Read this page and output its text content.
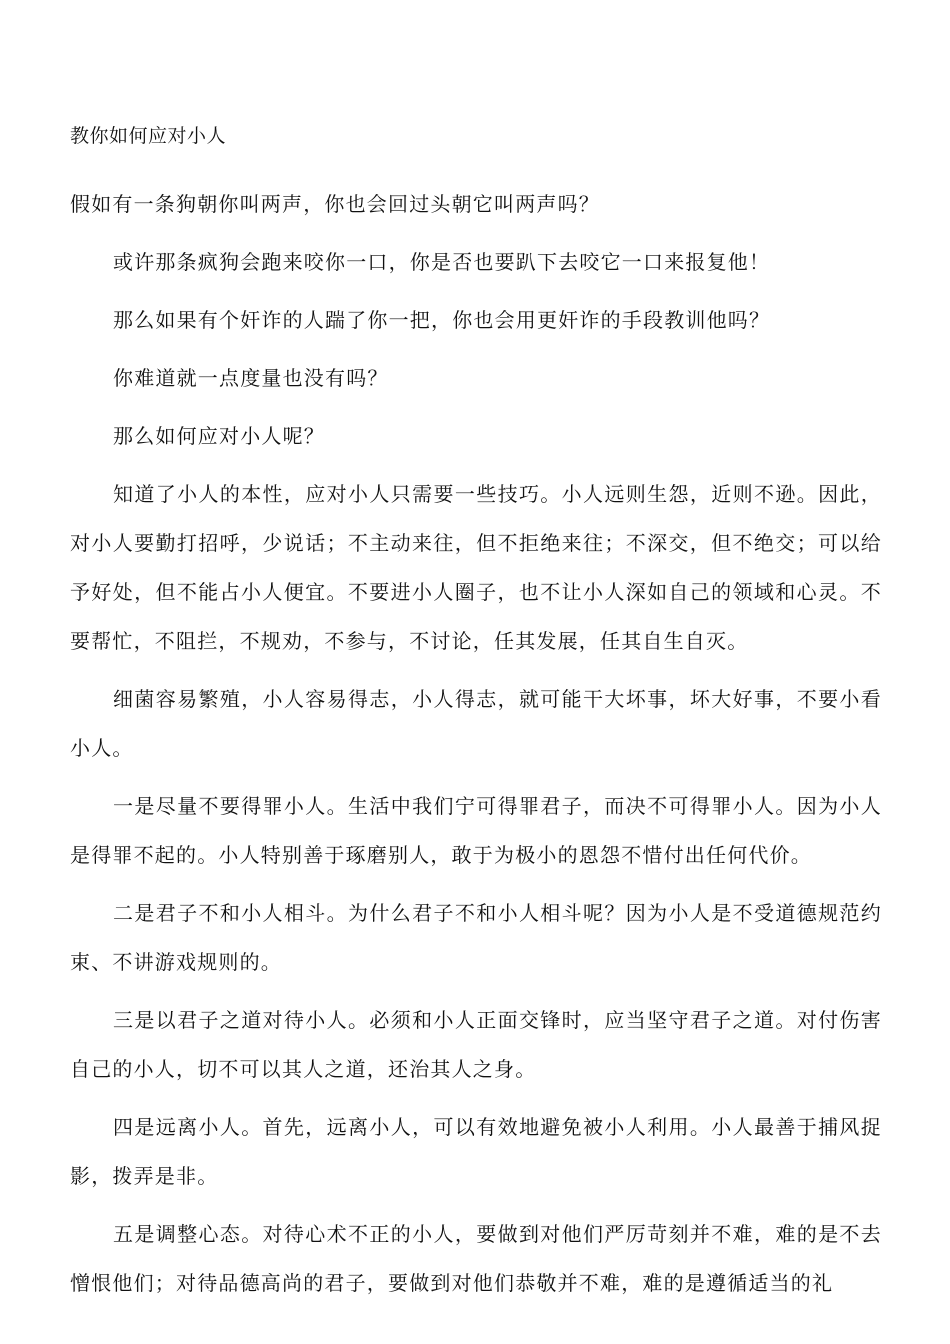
教你如何应对小人

假如有一条狗朝你叫两声，你也会回过头朝它叫两声吗？

或许那条疯狗会跑来咬你一口，你是否也要趴下去咬它一口来报复他！

那么如果有个奸诈的人踹了你一把，你也会用更奸诈的手段教训他吗？

你难道就一点度量也没有吗？

那么如何应对小人呢？

知道了小人的本性，应对小人只需要一些技巧。小人远则生怨，近则不逊。因此，对小人要勤打招呼，少说话；不主动来往，但不拒绝来往；不深交，但不绝交；可以给予好处，但不能占小人便宜。不要进小人圈子，也不让小人深如自己的领域和心灵。不要帮忙，不阻拦，不规劝，不参与，不讨论，任其发展，任其自生自灭。

细菌容易繁殖，小人容易得志，小人得志，就可能干大坏事，坏大好事，不要小看小人。

一是尽量不要得罪小人。生活中我们宁可得罪君子，而决不可得罪小人。因为小人是得罪不起的。小人特别善于琢磨别人，敢于为极小的恩怨不惜付出任何代价。

二是君子不和小人相斗。为什么君子不和小人相斗呢？因为小人是不受道德规范约束、不讲游戏规则的。

三是以君子之道对待小人。必须和小人正面交锋时，应当坚守君子之道。对付伤害自己的小人，切不可以其人之道，还治其人之身。

四是远离小人。首先，远离小人，可以有效地避免被小人利用。小人最善于捕风捉影，拨弄是非。

五是调整心态。对待心术不正的小人，要做到对他们严厉苛刻并不难，难的是不去憎恨他们；对待品德高尚的君子，要做到对他们恭敬并不难，难的是遵循适当的礼
